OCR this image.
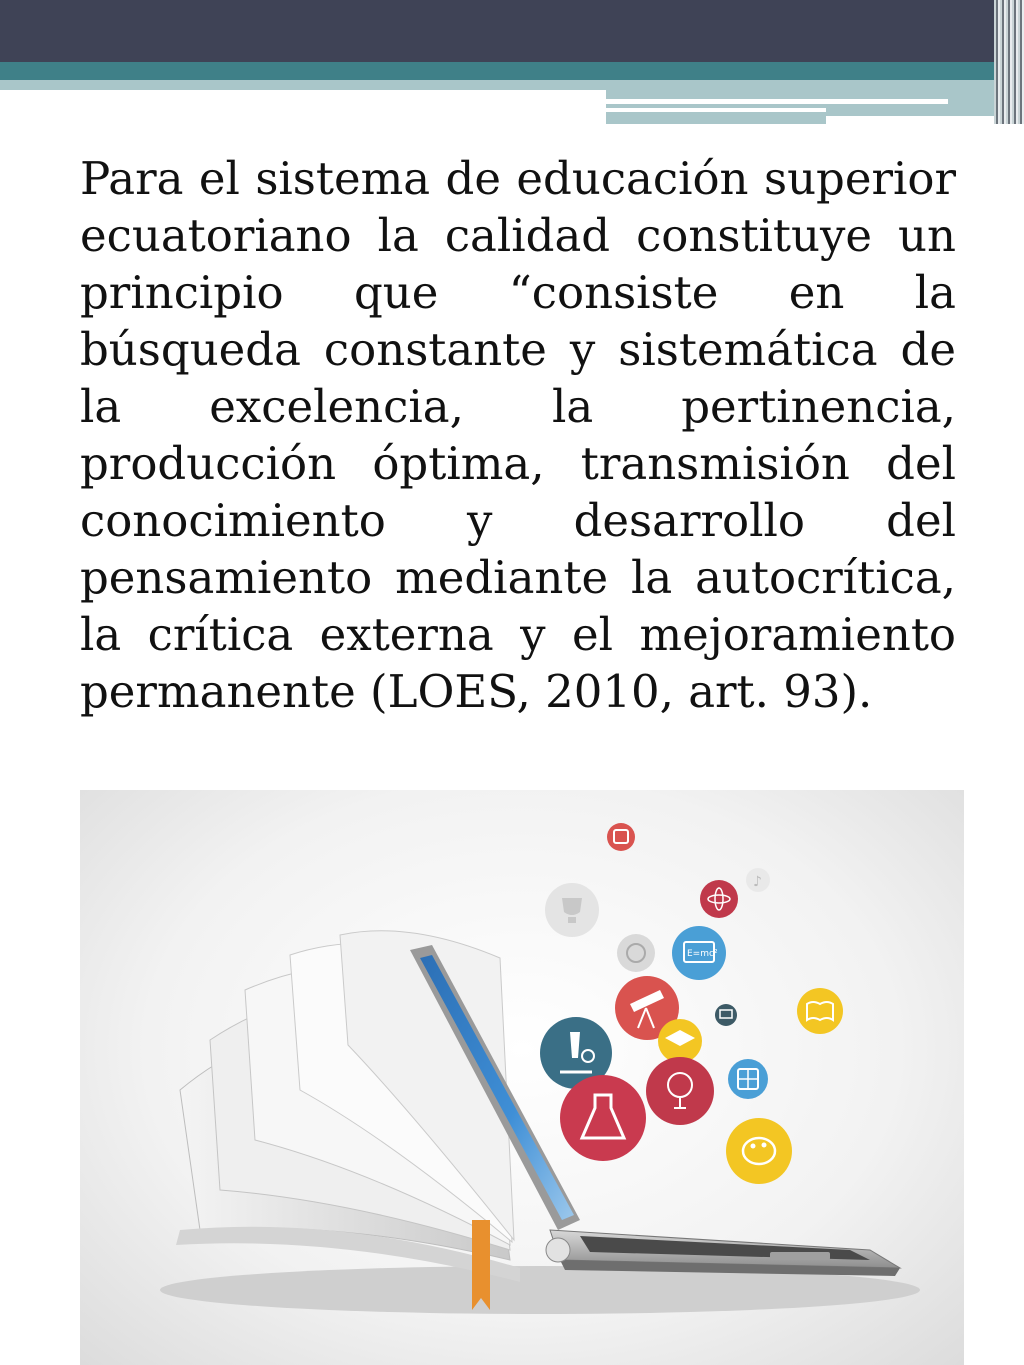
Para el sistema de educación superior ecuatoriano la calidad constituye un principio que “consiste en la búsqueda constante y sistemática de la excelencia, la pertinencia, producción óptima, transmisión del conocimiento y desarrollo del pensamiento mediante la autocrítica, la crítica externa y el mejoramiento permanente (LOES, 2010, art. 93).

♪
E=mc²
